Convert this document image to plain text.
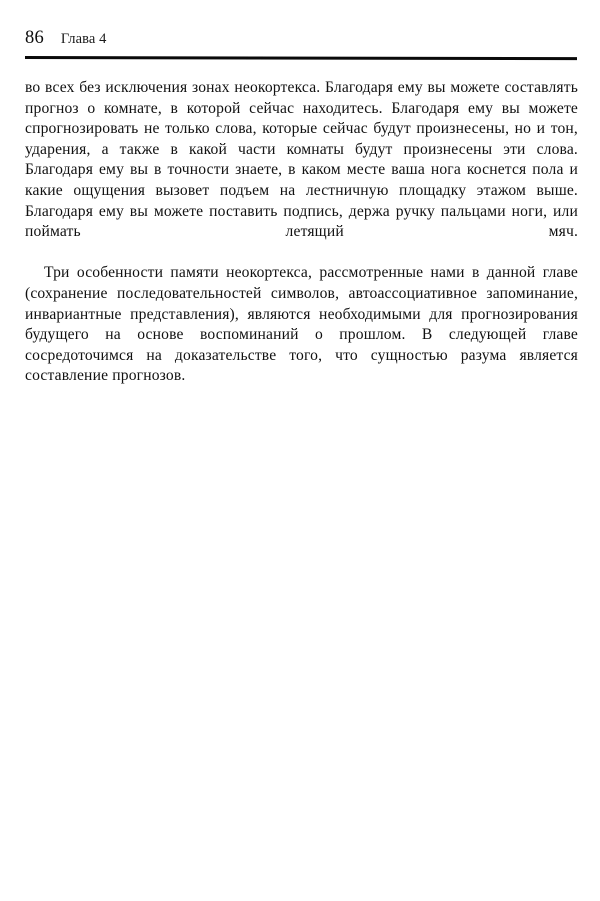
86 Глава 4

во всех без исключения зонах неокортекса. Благодаря ему вы можете составлять прогноз о комнате, в которой сейчас находитесь. Благодаря ему вы можете спрогнозировать не только слова, которые сейчас будут произнесены, но и тон, ударения, а также в какой части комнаты будут произнесены эти слова. Благодаря ему вы в точности знаете, в каком месте ваша нога коснется пола и какие ощущения вызовет подъем на лестничную площадку этажом выше. Благодаря ему вы можете поставить подпись, держа ручку пальцами ноги, или поймать летящий мяч.

Три особенности памяти неокортекса, рассмотренные нами в данной главе (сохранение последовательностей символов, автоассоциативное запоминание, инвариантные представления), являются необходимыми для прогнозирования будущего на основе воспоминаний о прошлом. В следующей главе сосредоточимся на доказательстве того, что сущностью разума является составление прогнозов.
